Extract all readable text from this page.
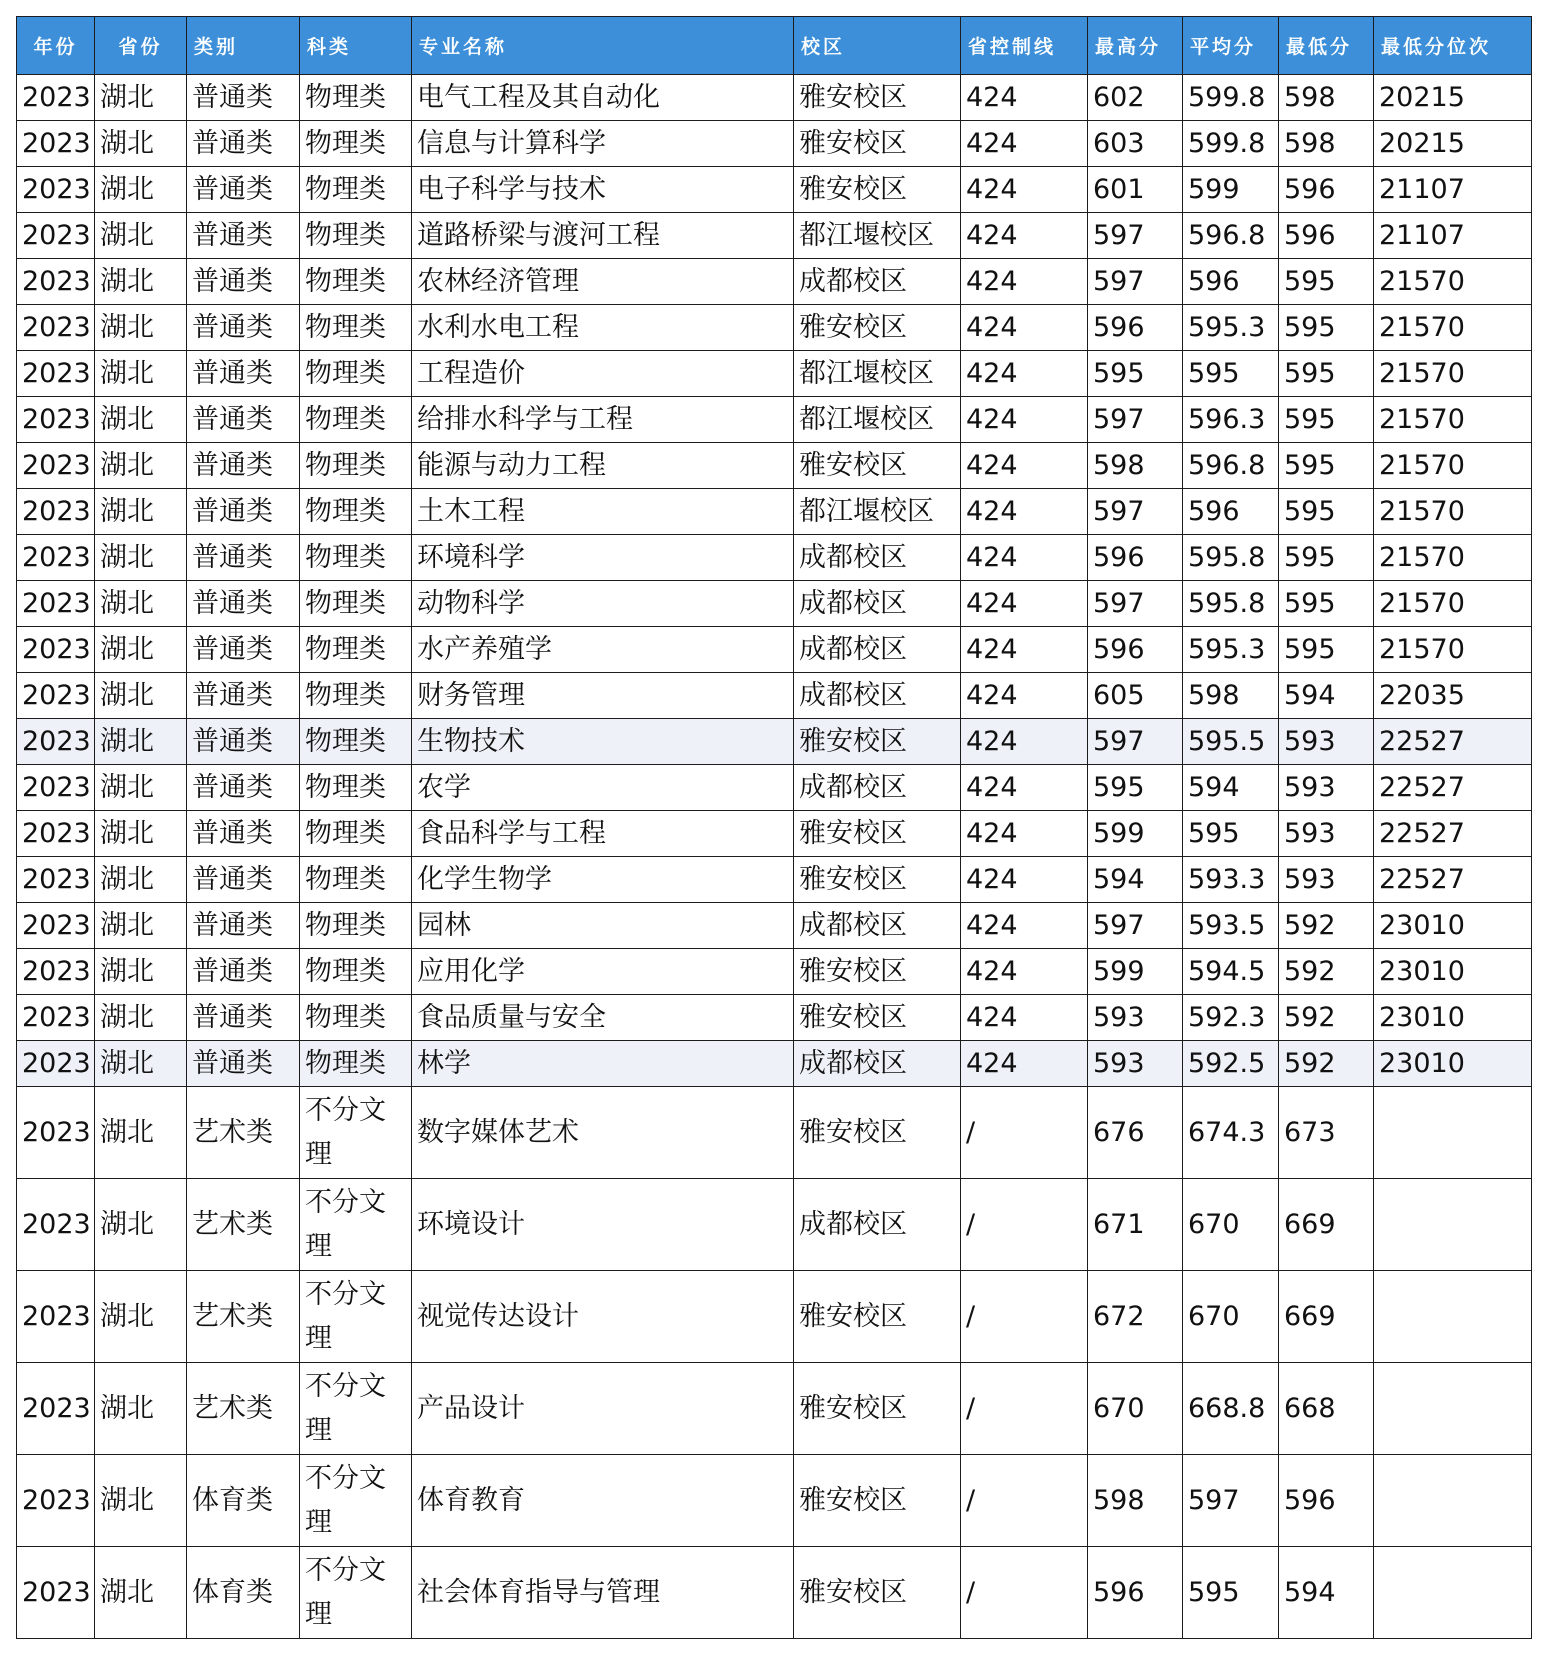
年份	省份	类别	科类	专业名称	校区	省控制线	最高分	平均分	最低分	最低分位次
2023	湖北	普通类	物理类	电气工程及其自动化	雅安校区	424	602	599.8	598	20215
2023	湖北	普通类	物理类	信息与计算科学	雅安校区	424	603	599.8	598	20215
2023	湖北	普通类	物理类	电子科学与技术	雅安校区	424	601	599	596	21107
2023	湖北	普通类	物理类	道路桥梁与渡河工程	都江堰校区	424	597	596.8	596	21107
2023	湖北	普通类	物理类	农林经济管理	成都校区	424	597	596	595	21570
2023	湖北	普通类	物理类	水利水电工程	雅安校区	424	596	595.3	595	21570
2023	湖北	普通类	物理类	工程造价	都江堰校区	424	595	595	595	21570
2023	湖北	普通类	物理类	给排水科学与工程	都江堰校区	424	597	596.3	595	21570
2023	湖北	普通类	物理类	能源与动力工程	雅安校区	424	598	596.8	595	21570
2023	湖北	普通类	物理类	土木工程	都江堰校区	424	597	596	595	21570
2023	湖北	普通类	物理类	环境科学	成都校区	424	596	595.8	595	21570
2023	湖北	普通类	物理类	动物科学	成都校区	424	597	595.8	595	21570
2023	湖北	普通类	物理类	水产养殖学	成都校区	424	596	595.3	595	21570
2023	湖北	普通类	物理类	财务管理	成都校区	424	605	598	594	22035
2023	湖北	普通类	物理类	生物技术	雅安校区	424	597	595.5	593	22527
2023	湖北	普通类	物理类	农学	成都校区	424	595	594	593	22527
2023	湖北	普通类	物理类	食品科学与工程	雅安校区	424	599	595	593	22527
2023	湖北	普通类	物理类	化学生物学	雅安校区	424	594	593.3	593	22527
2023	湖北	普通类	物理类	园林	成都校区	424	597	593.5	592	23010
2023	湖北	普通类	物理类	应用化学	雅安校区	424	599	594.5	592	23010
2023	湖北	普通类	物理类	食品质量与安全	雅安校区	424	593	592.3	592	23010
2023	湖北	普通类	物理类	林学	成都校区	424	593	592.5	592	23010
2023	湖北	艺术类	不分文理	数字媒体艺术	雅安校区	/	676	674.3	673	
2023	湖北	艺术类	不分文理	环境设计	成都校区	/	671	670	669	
2023	湖北	艺术类	不分文理	视觉传达设计	雅安校区	/	672	670	669	
2023	湖北	艺术类	不分文理	产品设计	雅安校区	/	670	668.8	668	
2023	湖北	体育类	不分文理	体育教育	雅安校区	/	598	597	596	
2023	湖北	体育类	不分文理	社会体育指导与管理	雅安校区	/	596	595	594	
